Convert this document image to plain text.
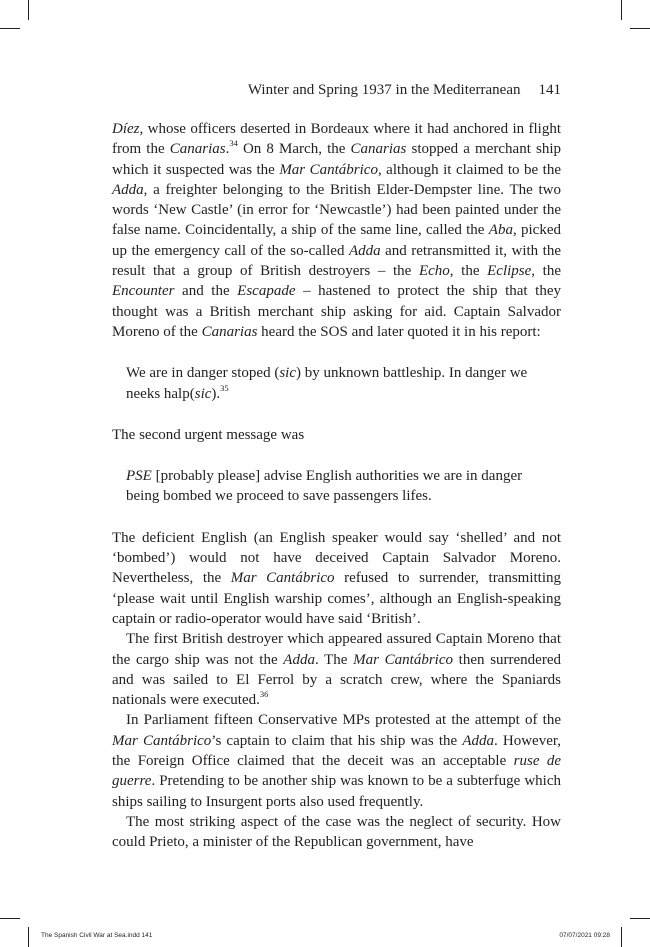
Winter and Spring 1937 in the Mediterranean 141

Díez, whose officers deserted in Bordeaux where it had anchored in flight from the Canarias.$^{34}$ On 8 March, the Canarias stopped a merchant ship which it suspected was the Mar Cantábrico, although it claimed to be the Adda, a freighter belonging to the British Elder-Dempster line. The two words ‘New Castle’ (in error for ‘Newcastle’) had been painted under the false name. Coincidentally, a ship of the same line, called the Aba, picked up the emergency call of the so-called Adda and retransmitted it, with the result that a group of British destroyers – the Echo, the Eclipse, the Encounter and the Escapade – hastened to protect the ship that they thought was a British merchant ship asking for aid. Captain Salvador Moreno of the Canarias heard the SOS and later quoted it in his report:

We are in danger stoped (sic) by unknown battleship. In danger we neeks halp(sic).$^{35}$

The second urgent message was

PSE [probably please] advise English authorities we are in danger being bombed we proceed to save passengers lifes.

The deficient English (an English speaker would say ‘shelled’ and not ‘bombed’) would not have deceived Captain Salvador Moreno. Nevertheless, the Mar Cantábrico refused to surrender, transmitting ‘please wait until English warship comes’, although an English-speaking captain or radio-operator would have said ‘British’.

The first British destroyer which appeared assured Captain Moreno that the cargo ship was not the Adda. The Mar Cantábrico then surrendered and was sailed to El Ferrol by a scratch crew, where the Spaniards nationals were executed.$^{36}$

In Parliament fifteen Conservative MPs protested at the attempt of the Mar Cantábrico’s captain to claim that his ship was the Adda. However, the Foreign Office claimed that the deceit was an acceptable ruse de guerre. Pretending to be another ship was known to be a subterfuge which ships sailing to Insurgent ports also used frequently.

The most striking aspect of the case was the neglect of security. How could Prieto, a minister of the Republican government, have

The Spanish Civil War at Sea.indd 141	07/07/2021 09:28
